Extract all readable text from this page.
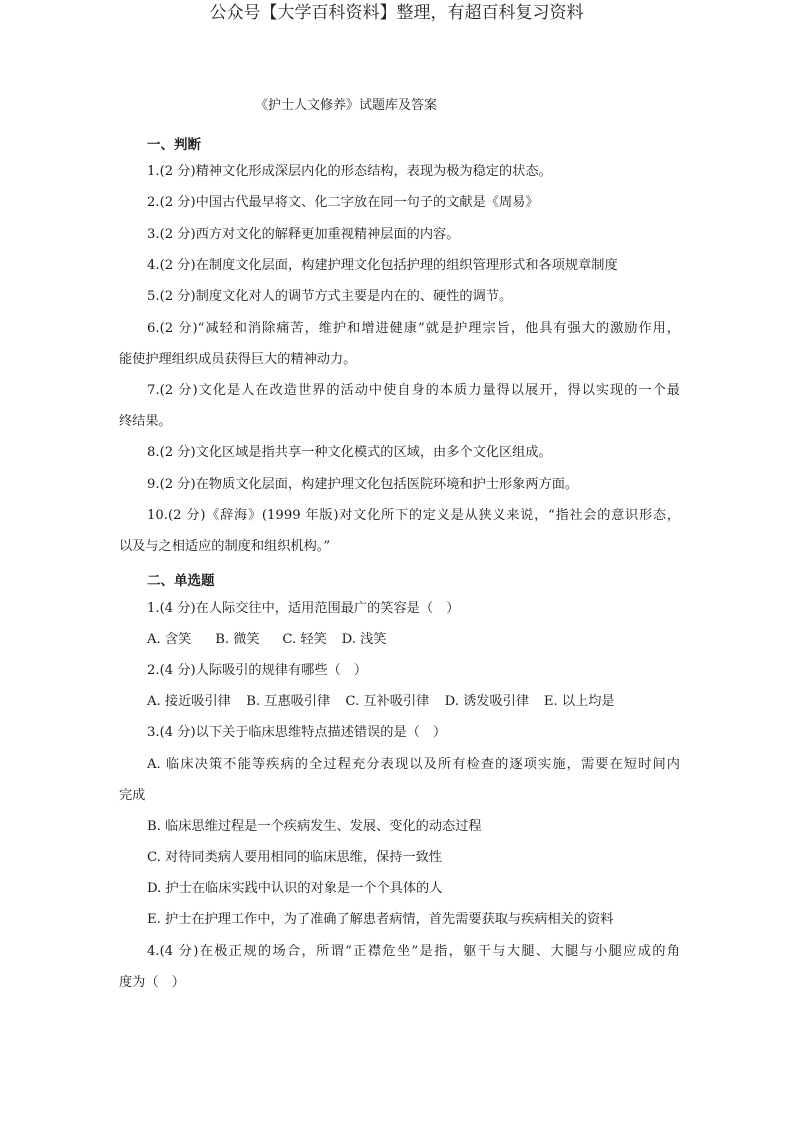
公众号【大学百科资料】整理，有超百科复习资料
《护士人文修养》试题库及答案
一、判断
1.(2 分)精神文化形成深层内化的形态结构，表现为极为稳定的状态。
2.(2 分)中国古代最早将文、化二字放在同一句子的文献是《周易》
3.(2 分)西方对文化的解释更加重视精神层面的内容。
4.(2 分)在制度文化层面，构建护理文化包括护理的组织管理形式和各项规章制度
5.(2 分)制度文化对人的调节方式主要是内在的、硬性的调节。
6.(2 分)“减轻和消除痛苦，维护和增进健康”就是护理宗旨，他具有强大的激励作用，
能使护理组织成员获得巨大的精神动力。
7.(2 分)文化是人在改造世界的活动中使自身的本质力量得以展开，得以实现的一个最
终结果。
8.(2 分)文化区域是指共享一种文化模式的区域，由多个文化区组成。
9.(2 分)在物质文化层面，构建护理文化包括医院环境和护士形象两方面。
10.(2 分)《辞海》(1999 年版)对文化所下的定义是从狭义来说，“指社会的意识形态，
以及与之相适应的制度和组织机构。”
二、单选题
1.(4 分)在人际交往中，适用范围最广的笑容是（　）
A. 含笑 B. 微笑 C. 轻笑 D. 浅笑
2.(4 分)人际吸引的规律有哪些（　）
A. 接近吸引律 B. 互惠吸引律 C. 互补吸引律 D. 诱发吸引律 E. 以上均是
3.(4 分)以下关于临床思维特点描述错误的是（　）
A. 临床决策不能等疾病的全过程充分表现以及所有检查的逐项实施，需要在短时间内
完成
B. 临床思维过程是一个疾病发生、发展、变化的动态过程
C. 对待同类病人要用相同的临床思维，保持一致性
D. 护士在临床实践中认识的对象是一个个具体的人
E. 护士在护理工作中，为了准确了解患者病情，首先需要获取与疾病相关的资料
4.(4 分)在极正规的场合，所谓“正襟危坐”是指，躯干与大腿、大腿与小腿应成的角
度为（　）
